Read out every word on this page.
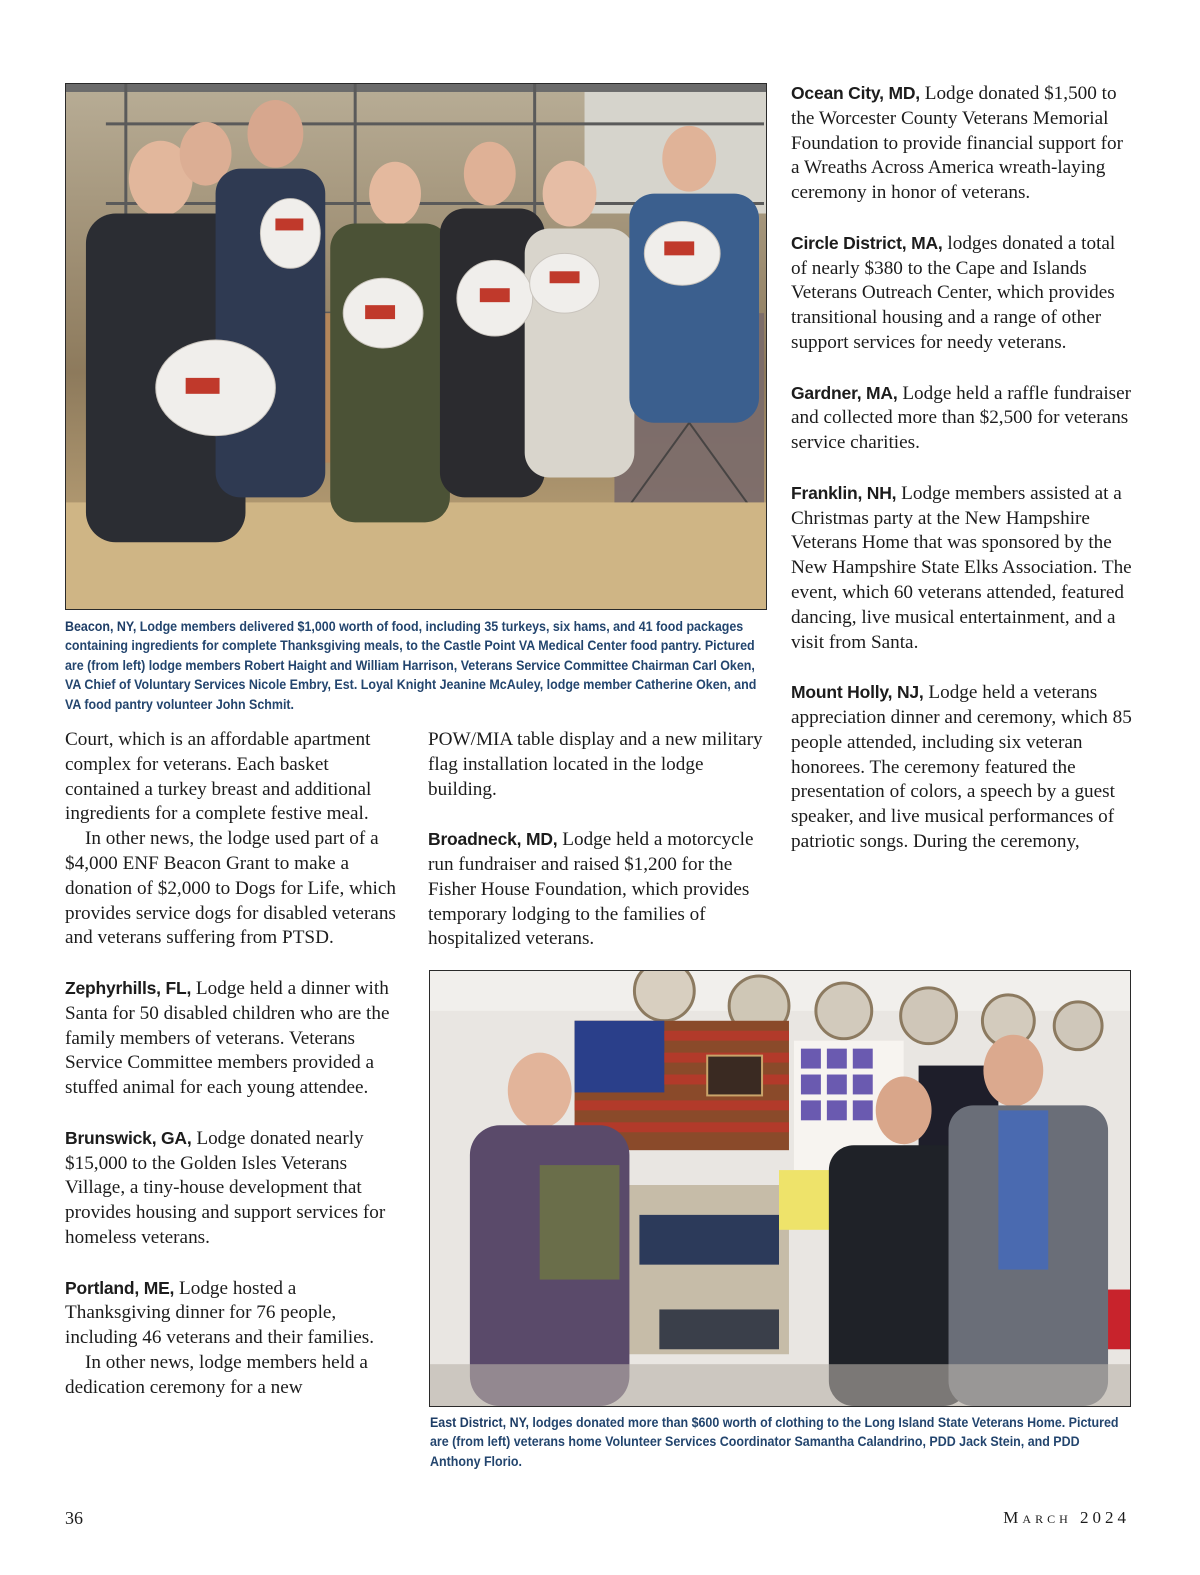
Beacon, NY, Lodge members delivered $1,000 worth of food, including 35 turkeys, six hams, and 41 food packages containing ingredients for complete Thanksgiving meals, to the Castle Point VA Medical Center food pantry. Pictured are (from left) lodge members Robert Haight and William Harrison, Veterans Service Committee Chairman Carl Oken, VA Chief of Voluntary Services Nicole Embry, Est. Loyal Knight Jeanine McAuley, lodge member Catherine Oken, and VA food pantry volunteer John Schmit.

Court, which is an affordable apartment complex for veterans. Each basket contained a turkey breast and additional ingredients for a complete festive meal.

In other news, the lodge used part of a $4,000 ENF Beacon Grant to make a donation of $2,000 to Dogs for Life, which provides service dogs for disabled veterans and veterans suffering from PTSD.

Zephyrhills, FL, Lodge held a dinner with Santa for 50 disabled children who are the family members of veterans. Veterans Service Committee members provided a stuffed animal for each young attendee.

Brunswick, GA, Lodge donated nearly $15,000 to the Golden Isles Veterans Village, a tiny-house development that provides housing and support services for homeless veterans.

Portland, ME, Lodge hosted a Thanksgiving dinner for 76 people, including 46 veterans and their families.

In other news, lodge members held a dedication ceremony for a new

POW/MIA table display and a new military flag installation located in the lodge building.

Broadneck, MD, Lodge held a motorcycle run fundraiser and raised $1,200 for the Fisher House Foundation, which provides temporary lodging to the families of hospitalized veterans.

Ocean City, MD, Lodge donated $1,500 to the Worcester County Veterans Memorial Foundation to provide financial support for a Wreaths Across America wreath-laying ceremony in honor of veterans.

Circle District, MA, lodges donated a total of nearly $380 to the Cape and Islands Veterans Outreach Center, which provides transitional housing and a range of other support services for needy veterans.

Gardner, MA, Lodge held a raffle fundraiser and collected more than $2,500 for veterans service charities.

Franklin, NH, Lodge members assisted at a Christmas party at the New Hampshire Veterans Home that was sponsored by the New Hampshire State Elks Association. The event, which 60 veterans attended, featured dancing, live musical entertainment, and a visit from Santa.

Mount Holly, NJ, Lodge held a veterans appreciation dinner and ceremony, which 85 people attended, including six veteran honorees. The ceremony featured the presentation of colors, a speech by a guest speaker, and live musical performances of patriotic songs. During the ceremony,

East District, NY, lodges donated more than $600 worth of clothing to the Long Island State Veterans Home. Pictured are (from left) veterans home Volunteer Services Coordinator Samantha Calandrino, PDD Jack Stein, and PDD Anthony Florio.
36	March 2024
